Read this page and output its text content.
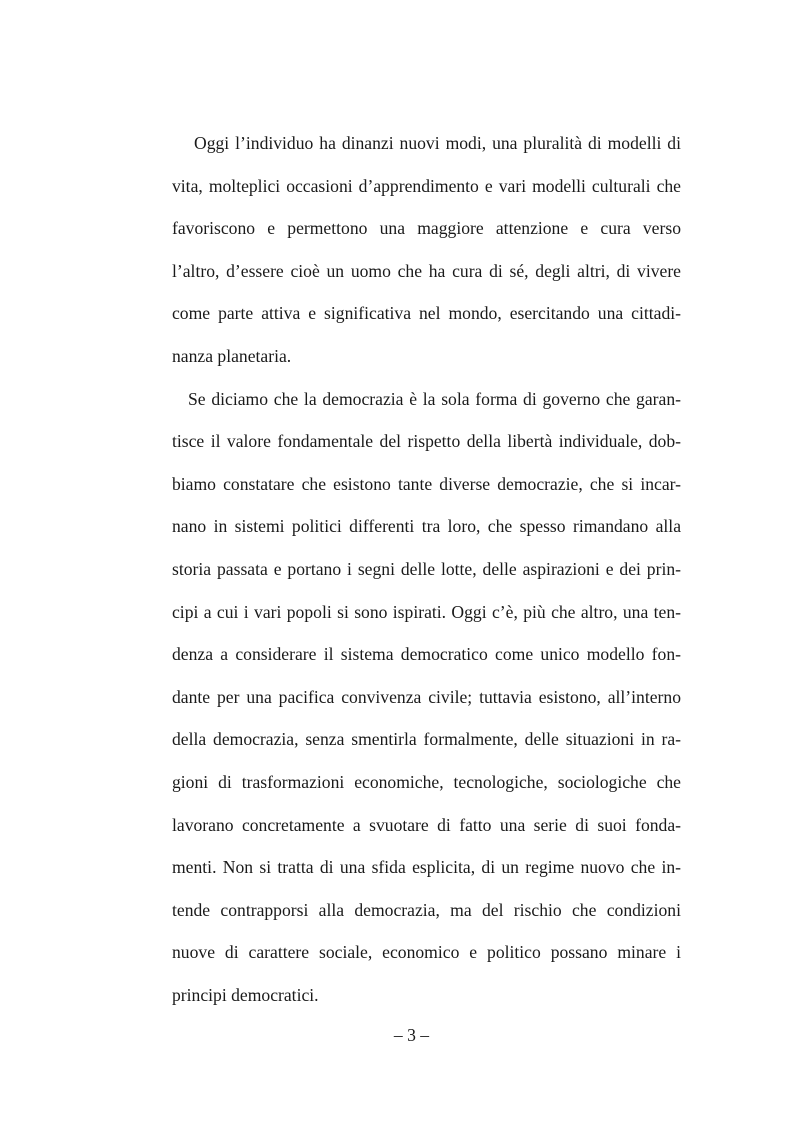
Oggi l’individuo ha dinanzi nuovi modi, una pluralità di modelli di
vita, molteplici occasioni d’apprendimento e vari modelli culturali che
favoriscono e permettono una maggiore attenzione e cura verso
l’altro, d’essere cioè un uomo che ha cura di sé, degli altri, di vivere
come parte attiva e significativa nel mondo, esercitando una cittadi-
nanza planetaria.
Se diciamo che la democrazia è la sola forma di governo che garan-
tisce il valore fondamentale del rispetto della libertà individuale, dob-
biamo constatare che esistono tante diverse democrazie, che si incar-
nano in sistemi politici differenti tra loro, che spesso rimandano alla
storia passata e portano i segni delle lotte, delle aspirazioni e dei prin-
cipi a cui i vari popoli si sono ispirati. Oggi c’è, più che altro, una ten-
denza a considerare il sistema democratico come unico modello fon-
dante per una pacifica convivenza civile; tuttavia esistono, all’interno
della democrazia, senza smentirla formalmente, delle situazioni in ra-
gioni di trasformazioni economiche, tecnologiche, sociologiche che
lavorano concretamente a svuotare di fatto una serie di suoi fonda-
menti. Non si tratta di una sfida esplicita, di un regime nuovo che in-
tende contrapporsi alla democrazia, ma del rischio che condizioni
nuove di carattere sociale, economico e politico possano minare i
principi democratici.
– 3 –
